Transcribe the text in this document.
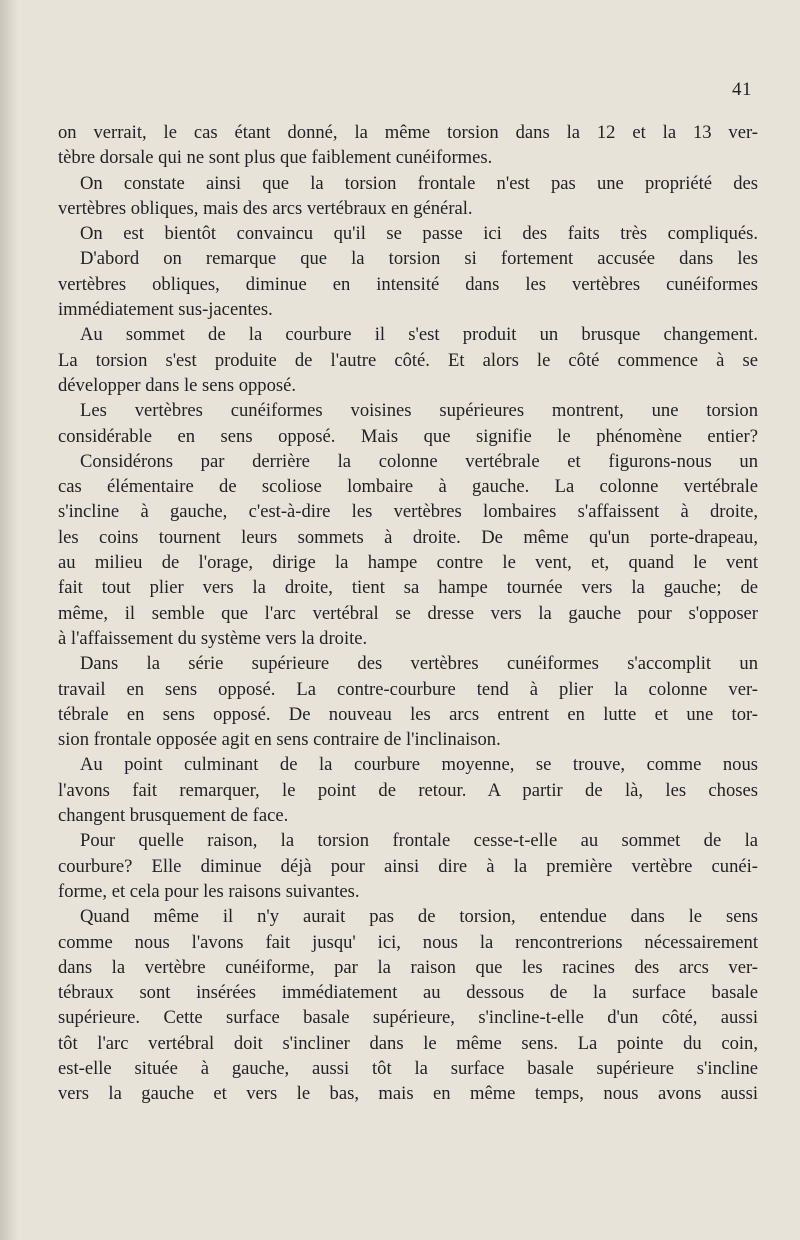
41
on verrait, le cas étant donné, la même torsion dans la 12 et la 13 ver-
tèbre dorsale qui ne sont plus que faiblement cunéiformes.
On constate ainsi que la torsion frontale n'est pas une propriété des
vertèbres obliques, mais des arcs vertébraux en général.
On est bientôt convaincu qu'il se passe ici des faits très compliqués.
D'abord on remarque que la torsion si fortement accusée dans les
vertèbres obliques, diminue en intensité dans les vertèbres cunéiformes
immédiatement sus-jacentes.
Au sommet de la courbure il s'est produit un brusque changement.
La torsion s'est produite de l'autre côté. Et alors le côté commence à se
développer dans le sens opposé.
Les vertèbres cunéiformes voisines supérieures montrent, une torsion
considérable en sens opposé. Mais que signifie le phénomène entier?
Considérons par derrière la colonne vertébrale et figurons-nous un
cas élémentaire de scoliose lombaire à gauche. La colonne vertébrale
s'incline à gauche, c'est-à-dire les vertèbres lombaires s'affaissent à droite,
les coins tournent leurs sommets à droite. De même qu'un porte-drapeau,
au milieu de l'orage, dirige la hampe contre le vent, et, quand le vent
fait tout plier vers la droite, tient sa hampe tournée vers la gauche; de
même, il semble que l'arc vertébral se dresse vers la gauche pour s'opposer
à l'affaissement du système vers la droite.
Dans la série supérieure des vertèbres cunéiformes s'accomplit un
travail en sens opposé. La contre-courbure tend à plier la colonne ver-
tébrale en sens opposé. De nouveau les arcs entrent en lutte et une tor-
sion frontale opposée agit en sens contraire de l'inclinaison.
Au point culminant de la courbure moyenne, se trouve, comme nous
l'avons fait remarquer, le point de retour. A partir de là, les choses
changent brusquement de face.
Pour quelle raison, la torsion frontale cesse-t-elle au sommet de la
courbure? Elle diminue déjà pour ainsi dire à la première vertèbre cunéi-
forme, et cela pour les raisons suivantes.
Quand même il n'y aurait pas de torsion, entendue dans le sens
comme nous l'avons fait jusqu' ici, nous la rencontrerions nécessairement
dans la vertèbre cunéiforme, par la raison que les racines des arcs ver-
tébraux sont insérées immédiatement au dessous de la surface basale
supérieure. Cette surface basale supérieure, s'incline-t-elle d'un côté, aussi
tôt l'arc vertébral doit s'incliner dans le même sens. La pointe du coin,
est-elle située à gauche, aussi tôt la surface basale supérieure s'incline
vers la gauche et vers le bas, mais en même temps, nous avons aussi
